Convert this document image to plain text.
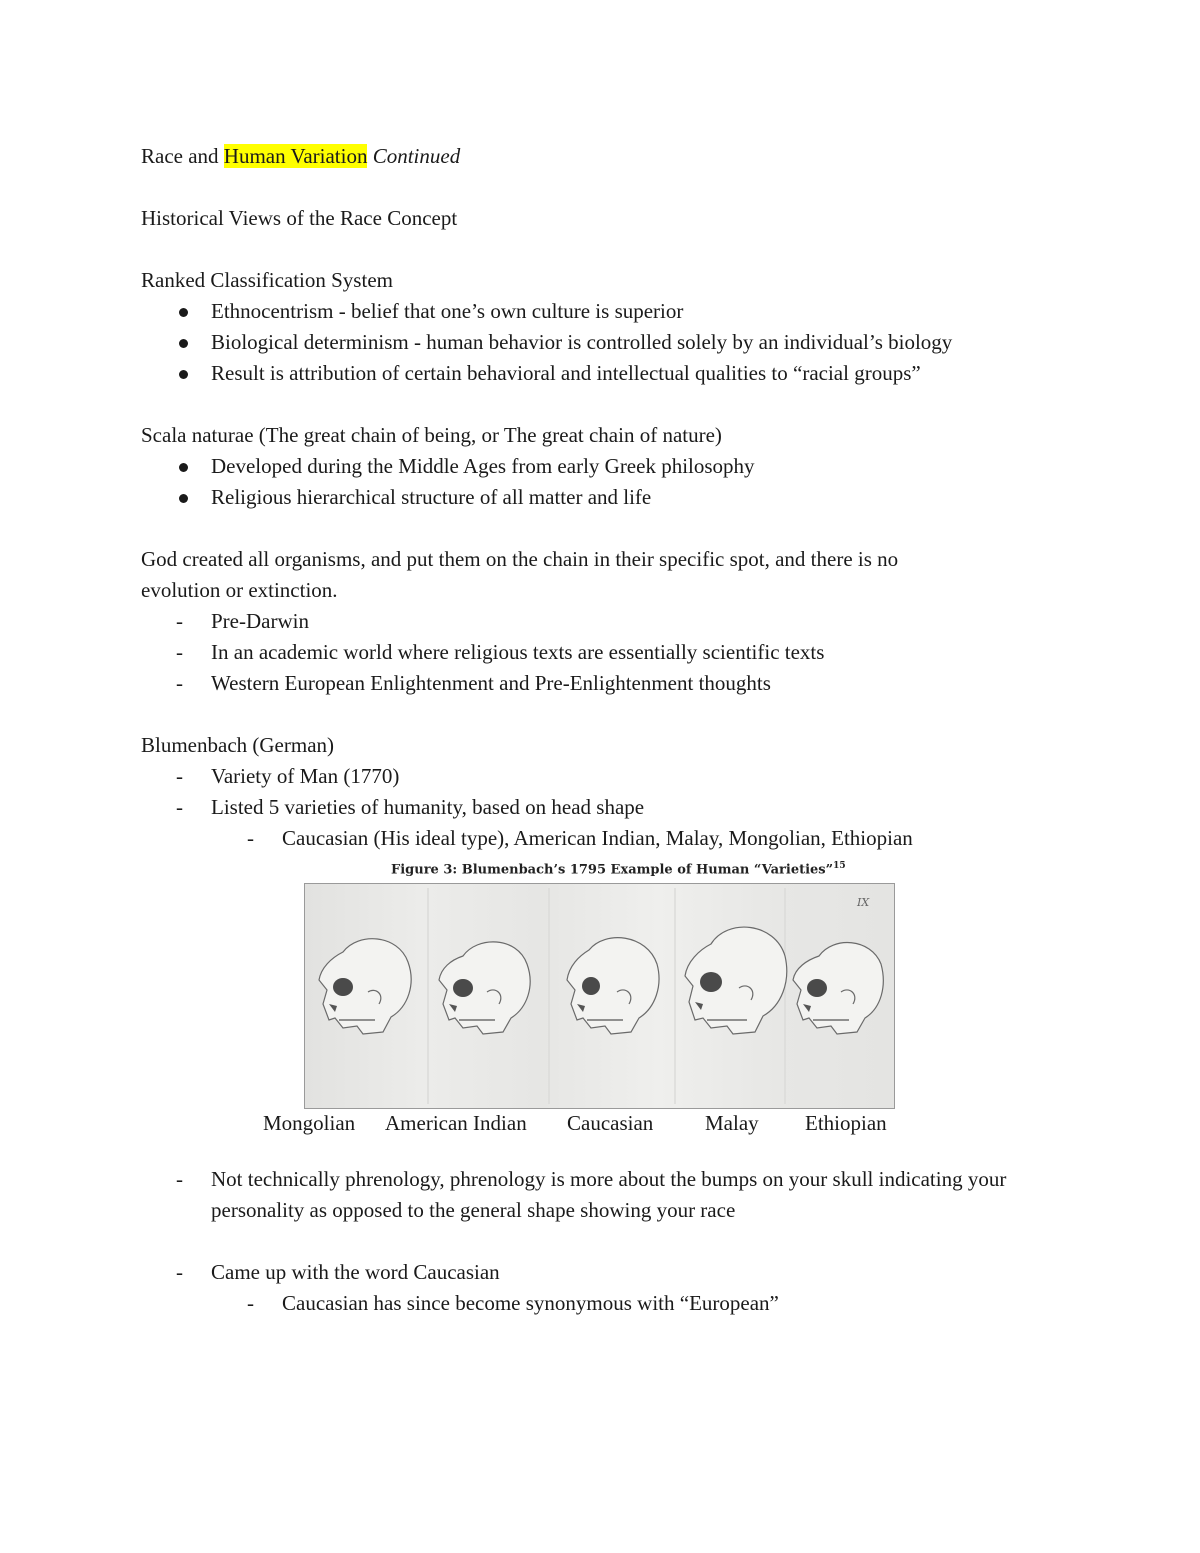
Race and Human Variation Continued
Historical Views of the Race Concept
Ranked Classification System
Ethnocentrism - belief that one’s own culture is superior
Biological determinism - human behavior is controlled solely by an individual’s biology
Result is attribution of certain behavioral and intellectual qualities to “racial groups”
Scala naturae (The great chain of being, or The great chain of nature)
Developed during the Middle Ages from early Greek philosophy
Religious hierarchical structure of all matter and life
God created all organisms, and put them on the chain in their specific spot, and there is no
evolution or extinction.
- Pre-Darwin
- In an academic world where religious texts are essentially scientific texts
- Western European Enlightenment and Pre-Enlightenment thoughts
Blumenbach (German)
- Variety of Man (1770)
- Listed 5 varieties of humanity, based on head shape
- Caucasian (His ideal type), American Indian, Malay, Mongolian, Ethiopian
Figure 3: Blumenbach’s 1795 Example of Human “Varieties”$^{15}$
IX
Mongolian American Indian Caucasian Malay Ethiopian
- Not technically phrenology, phrenology is more about the bumps on your skull indicating your personality as opposed to the general shape showing your race
- Came up with the word Caucasian
- Caucasian has since become synonymous with “European”
